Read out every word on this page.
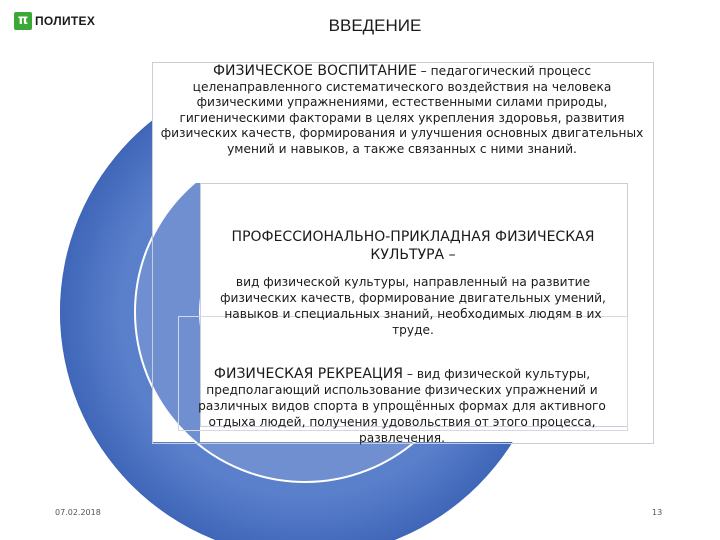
π ПОЛИТЕХ	ВВЕДЕНИЕ
ФИЗИЧЕСКОЕ ВОСПИТАНИЕ – педагогический процесс
целенаправленного систематического воздействия на человека физическими упражнениями, естественными силами природы, гигиеническими факторами в целях укрепления здоровья, развития физических качеств, формирования и улучшения основных двигательных умений и навыков, а также связанных с ними знаний.
ПРОФЕССИОНАЛЬНО-ПРИКЛАДНАЯ ФИЗИЧЕСКАЯ КУЛЬТУРА –
вид физической культуры, направленный на развитие физических качеств, формирование двигательных умений, навыков и специальных знаний, необходимых людям в их труде.
ФИЗИЧЕСКАЯ РЕКРЕАЦИЯ – вид физической культуры,
предполагающий использование физических упражнений и различных видов спорта в упрощённых формах для активного отдыха людей, получения удовольствия от этого процесса, развлечения.
07.02.2018	13
